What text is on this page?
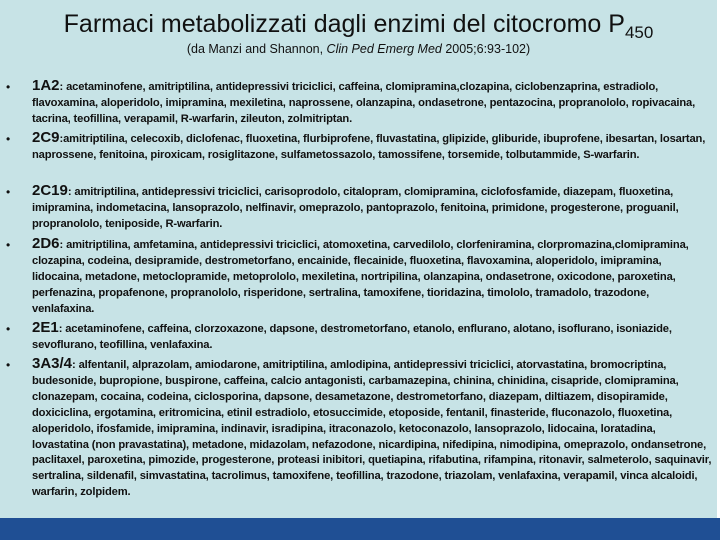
Farmaci metabolizzati dagli enzimi del citocromo $P_{450}$
(da Manzi and Shannon, Clin Ped Emerg Med 2005;6:93-102)
• 1A2: acetaminofene, amitriptilina, antidepressivi triciclici, caffeina, clomipramina,clozapina, ciclobenzaprina, estradiolo, flavoxamina, aloperidolo, imipramina, mexiletina, naprossene, olanzapina, ondasetrone, pentazocina, propranololo, ropivacaina, tacrina, teofillina, verapamil, R-warfarin, zileuton, zolmitriptan.
• 2C9:amitriptilina, celecoxib, diclofenac, fluoxetina, flurbiprofene, fluvastatina, glipizide, gliburide, ibuprofene, ibesartan, losartan, naprossene, fenitoina, piroxicam, rosiglitazone, sulfametossazolo, tamossifene, torsemide, tolbutammide, S-warfarin.
• 2C19: amitriptilina, antidepressivi triciclici, carisoprodolo, citalopram, clomipramina, ciclofosfamide, diazepam, fluoxetina, imipramina, indometacina, lansoprazolo, nelfinavir, omeprazolo, pantoprazolo, fenitoina, primidone, progesterone, proguanil, propranololo, teniposide, R-warfarin.
• 2D6: amitriptilina, amfetamina, antidepressivi triciclici, atomoxetina, carvedilolo, clorfeniramina, clorpromazina,clomipramina, clozapina, codeina, desipramide, destrometorfano, encainide, flecainide, fluoxetina, flavoxamina, aloperidolo, imipramina, lidocaina, metadone, metoclopramide, metoprololo, mexiletina, nortripilina, olanzapina, ondasetrone, oxicodone, paroxetina, perfenazina, propafenone, propranololo, risperidone, sertralina, tamoxifene, tioridazina, timololo, tramadolo, trazodone, venlafaxina.
• 2E1: acetaminofene, caffeina, clorzoxazone, dapsone, destrometorfano, etanolo, enflurano, alotano, isoflurano, isoniazide, sevoflurano, teofillina, venlafaxina.
• 3A3/4: alfentanil, alprazolam, amiodarone, amitriptilina, amlodipina, antidepressivi triciclici, atorvastatina, bromocriptina, budesonide, bupropione, buspirone, caffeina, calcio antagonisti, carbamazepina, chinina, chinidina, cisapride, clomipramina, clonazepam, cocaina, codeina, ciclosporina, dapsone, desametazone, destrometorfano, diazepam, diltiazem, disopiramide, doxiciclina, ergotamina, eritromicina, etinil estradiolo, etosuccimide, etoposide, fentanil, finasteride, fluconazolo, fluoxetina, aloperidolo, ifosfamide, imipramina, indinavir, isradipina, itraconazolo, ketoconazolo, lansoprazolo, lidocaina, loratadina, lovastatina (non pravastatina), metadone, midazolam, nefazodone, nicardipina, nifedipina, nimodipina, omeprazolo, ondansetrone, paclitaxel, paroxetina, pimozide, progesterone, proteasi inibitori, quetiapina, rifabutina, rifampina, ritonavir, salmeterolo, saquinavir, sertralina, sildenafil, simvastatina, tacrolimus, tamoxifene, teofillina, trazodone, triazolam, venlafaxina, verapamil, vinca alcaloidi, warfarin, zolpidem.
